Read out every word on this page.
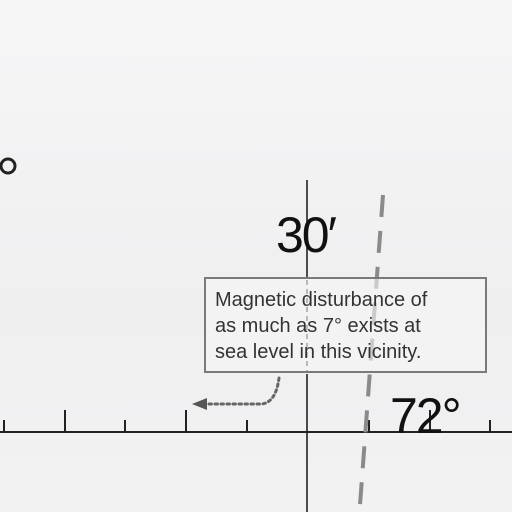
30′
Magnetic disturbance of
as much as 7° exists at
sea level in this vicinity.
72°
